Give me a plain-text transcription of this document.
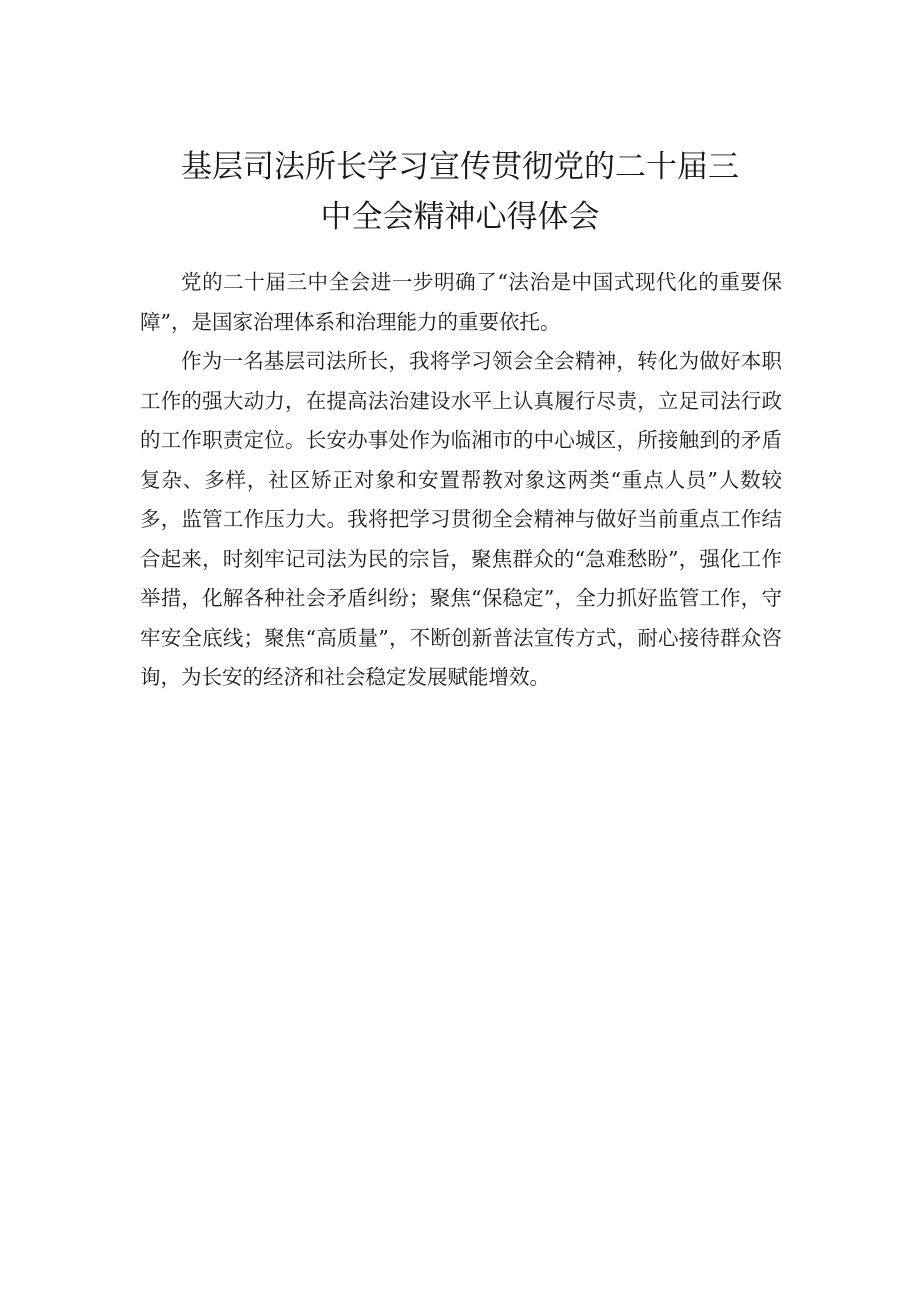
基层司法所长学习宣传贯彻党的二十届三
中全会精神心得体会

党的二十届三中全会进一步明确了“法治是中国式现代化的重要保障”，是国家治理体系和治理能力的重要依托。

作为一名基层司法所长，我将学习领会全会精神，转化为做好本职工作的强大动力，在提高法治建设水平上认真履行尽责，立足司法行政的工作职责定位。长安办事处作为临湘市的中心城区，所接触到的矛盾复杂、多样，社区矫正对象和安置帮教对象这两类“重点人员”人数较多，监管工作压力大。我将把学习贯彻全会精神与做好当前重点工作结合起来，时刻牢记司法为民的宗旨，聚焦群众的“急难愁盼”，强化工作举措，化解各种社会矛盾纠纷；聚焦“保稳定”，全力抓好监管工作，守牢安全底线；聚焦“高质量”，不断创新普法宣传方式，耐心接待群众咨询，为长安的经济和社会稳定发展赋能增效。
